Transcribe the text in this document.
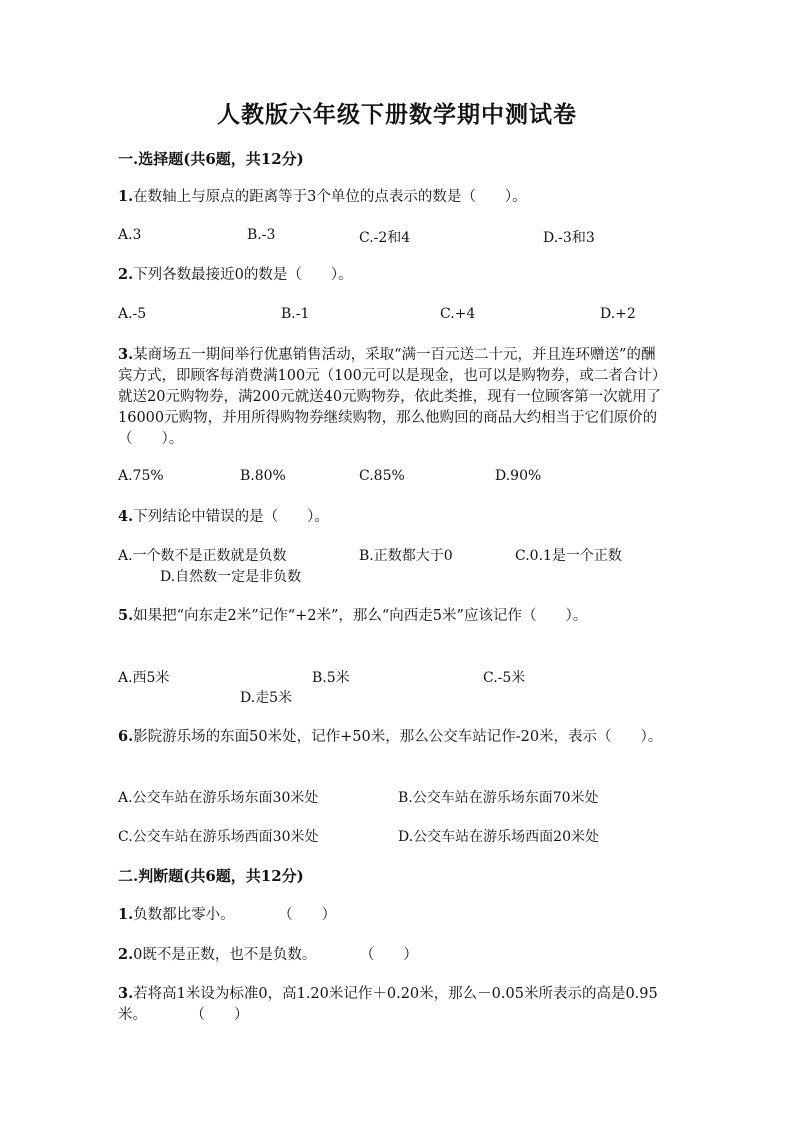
人教版六年级下册数学期中测试卷
一.选择题(共6题，共12分)
1.在数轴上与原点的距离等于3个单位的点表示的数是（　　）。
A.3	B.-3	C.-2和4	D.-3和3
2.下列各数最接近0的数是（　　）。
A.-5	B.-1	C.+4	D.+2
3.某商场五一期间举行优惠销售活动，采取“满一百元送二十元，并且连环赠送”的酬宾方式，即顾客每消费满100元（100元可以是现金，也可以是购物券，或二者合计）就送20元购物券，满200元就送40元购物券，依此类推，现有一位顾客第一次就用了16000元购物，并用所得购物券继续购物，那么他购回的商品大约相当于它们原价的（　　）。
A.75%	B.80%	C.85%	D.90%
4.下列结论中错误的是（　　）。
A.一个数不是正数就是负数	B.正数都大于0	C.0.1是一个正数
D.自然数一定是非负数
5.如果把“向东走2米”记作“+2米”，那么“向西走5米”应该记作（　　）。
A.西5米	B.5米	C.-5米
D.走5米
6.影院游乐场的东面50米处，记作+50米，那么公交车站记作-20米，表示（　　）。
A.公交车站在游乐场东面30米处	B.公交车站在游乐场东面70米处
C.公交车站在游乐场西面30米处	D.公交车站在游乐场西面20米处
二.判断题(共6题，共12分)
1.负数都比零小。　　　　（　　）
2.0既不是正数，也不是负数。　　　　（　　）
3.若将高1米设为标准0，高1.20米记作＋0.20米，那么－0.05米所表示的高是0.95米。　　　　（　　）
